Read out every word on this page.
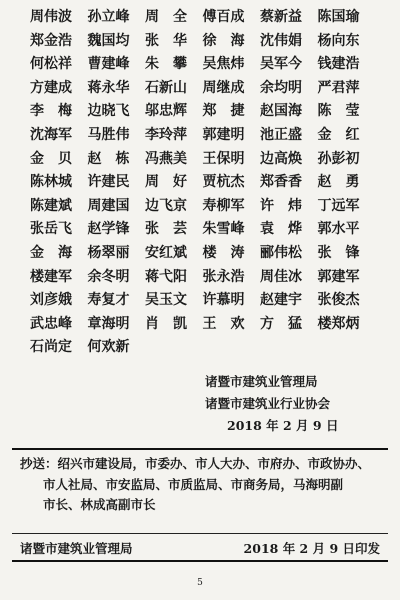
周伟波	孙立峰	周　全	傅百成	蔡新益	陈国瑜
郑金浩	魏国均	张　华	徐　海	沈伟娟	杨向东
何松祥	曹建峰	朱　攀	吴焦炜	吴军今	钱建浩
方建成	蒋永华	石新山	周继成	余均明	严君萍
李　梅	边晓飞	邬忠辉	郑　捷	赵国海	陈　莹
沈海军	马胜伟	李玲萍	郭建明	池正盛	金　红
金　贝	赵　栋	冯燕美	王保明	边高焕	孙彭初
陈林城	许建民	周　好	贾杭杰	郑香香	赵　勇
陈建斌	周建国	边飞京	寿柳军	许　炜	丁远军
张岳飞	赵学锋	张　芸	朱雪峰	袁　烨	郭水平
金　海	杨翠丽	安红斌	楼　涛	郦伟松	张　锋
楼建军	余冬明	蒋弋阳	张永浩	周佳冰	郭建军
刘彦娥	寿复才	吴玉文	许慕明	赵建宇	张俊杰
武忠峰	章海明	肖　凯	王　欢	方　猛	楼郑炳
石尚定	何欢新
诸暨市建筑业管理局
诸暨市建筑业行业协会
2018 年 2 月 9 日
抄送：绍兴市建设局，市委办、市人大办、市府办、市政协办、
市人社局、市安监局、市质监局、市商务局，马海明副
市长、林成高副市长
诸暨市建筑业管理局	2018 年 2 月 9 日印发
5
